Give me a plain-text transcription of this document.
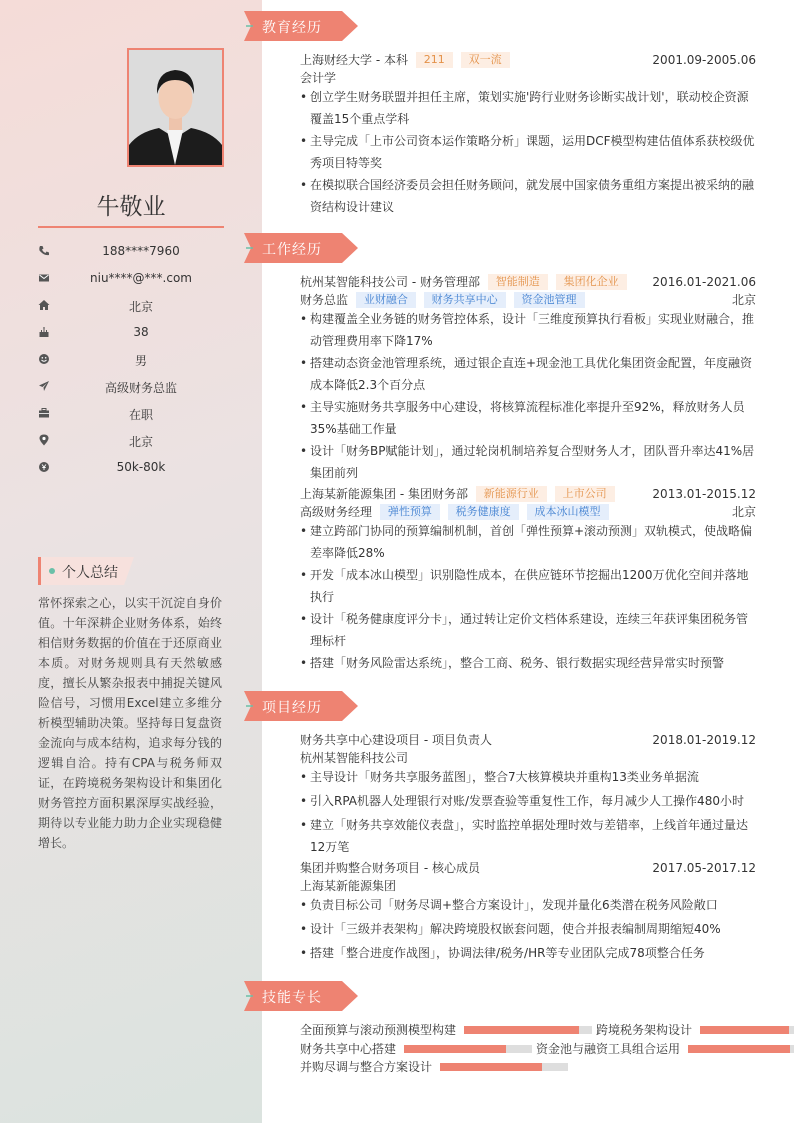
牛敬业
188****7960
niu****@***.com
北京
38
男
高级财务总监
在职
北京
50k-80k
个人总结
常怀探索之心，以实干沉淀自身价值。十年深耕企业财务体系，始终相信财务数据的价值在于还原商业本质。对财务规则具有天然敏感度，擅长从繁杂报表中捕捉关键风险信号，习惯用Excel建立多维分析模型辅助决策。坚持每日复盘资金流向与成本结构，追求每分钱的逻辑自洽。持有CPA与税务师双证，在跨境税务架构设计和集团化财务管控方面积累深厚实战经验，期待以专业能力助力企业实现稳健增长。
教育经历
工作经历
项目经历
技能专长
上海财经大学 - 本科 211 双一流	2001.09-2005.06
会计学
• 创立学生财务联盟并担任主席，策划实施'跨行业财务诊断实战计划'，联动校企资源覆盖15个重点学科
• 主导完成「上市公司资本运作策略分析」课题，运用DCF模型构建估值体系获校级优秀项目特等奖
• 在模拟联合国经济委员会担任财务顾问，就发展中国家债务重组方案提出被采纳的融资结构设计建议
杭州某智能科技公司 - 财务管理部 智能制造 集团化企业	2016.01-2021.06
财务总监 业财融合 财务共享中心 资金池管理	北京
• 构建覆盖全业务链的财务管控体系，设计「三维度预算执行看板」实现业财融合，推动管理费用率下降17%
• 搭建动态资金池管理系统，通过银企直连+现金池工具优化集团资金配置，年度融资成本降低2.3个百分点
• 主导实施财务共享服务中心建设，将核算流程标准化率提升至92%，释放财务人员35%基础工作量
• 设计「财务BP赋能计划」，通过轮岗机制培养复合型财务人才，团队晋升率达41%居集团前列
上海某新能源集团 - 集团财务部 新能源行业 上市公司	2013.01-2015.12
高级财务经理 弹性预算 税务健康度 成本冰山模型	北京
• 建立跨部门协同的预算编制机制，首创「弹性预算+滚动预测」双轨模式，使战略偏差率降低28%
• 开发「成本冰山模型」识别隐性成本，在供应链环节挖掘出1200万优化空间并落地执行
• 设计「税务健康度评分卡」，通过转让定价文档体系建设，连续三年获评集团税务管理标杆
• 搭建「财务风险雷达系统」，整合工商、税务、银行数据实现经营异常实时预警
财务共享中心建设项目 - 项目负责人	2018.01-2019.12
杭州某智能科技公司
• 主导设计「财务共享服务蓝图」，整合7大核算模块并重构13类业务单据流
• 引入RPA机器人处理银行对账/发票查验等重复性工作，每月减少人工操作480小时
• 建立「财务共享效能仪表盘」，实时监控单据处理时效与差错率，上线首年通过量达12万笔
集团并购整合财务项目 - 核心成员	2017.05-2017.12
上海某新能源集团
• 负责目标公司「财务尽调+整合方案设计」，发现并量化6类潜在税务风险敞口
• 设计「三级并表架构」解决跨境股权嵌套问题，使合并报表编制周期缩短40%
• 搭建「整合进度作战图」，协调法律/税务/HR等专业团队完成78项整合任务
全面预算与滚动预测模型构建	跨境税务架构设计
财务共享中心搭建	资金池与融资工具组合运用
并购尽调与整合方案设计
